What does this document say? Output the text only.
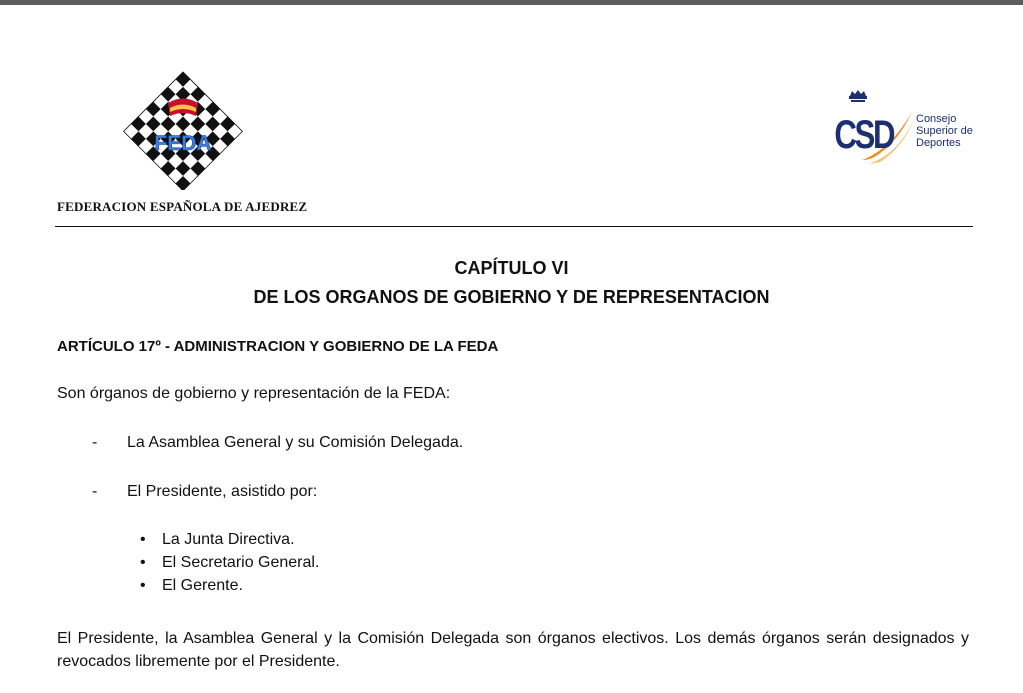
FEDA
FEDERACION ESPAÑOLA DE AJEDREZ
CSD Consejo
Superior de
Deportes
CAPÍTULO VI
DE LOS ORGANOS DE GOBIERNO Y DE REPRESENTACION
ARTÍCULO 17º - ADMINISTRACION Y GOBIERNO DE LA FEDA
Son órganos de gobierno y representación de la FEDA:
- La Asamblea General y su Comisión Delegada.
- El Presidente, asistido por:
• La Junta Directiva.
• El Secretario General.
• El Gerente.
El Presidente, la Asamblea General y la Comisión Delegada son órganos electivos. Los demás órganos serán designados y revocados libremente por el Presidente.
